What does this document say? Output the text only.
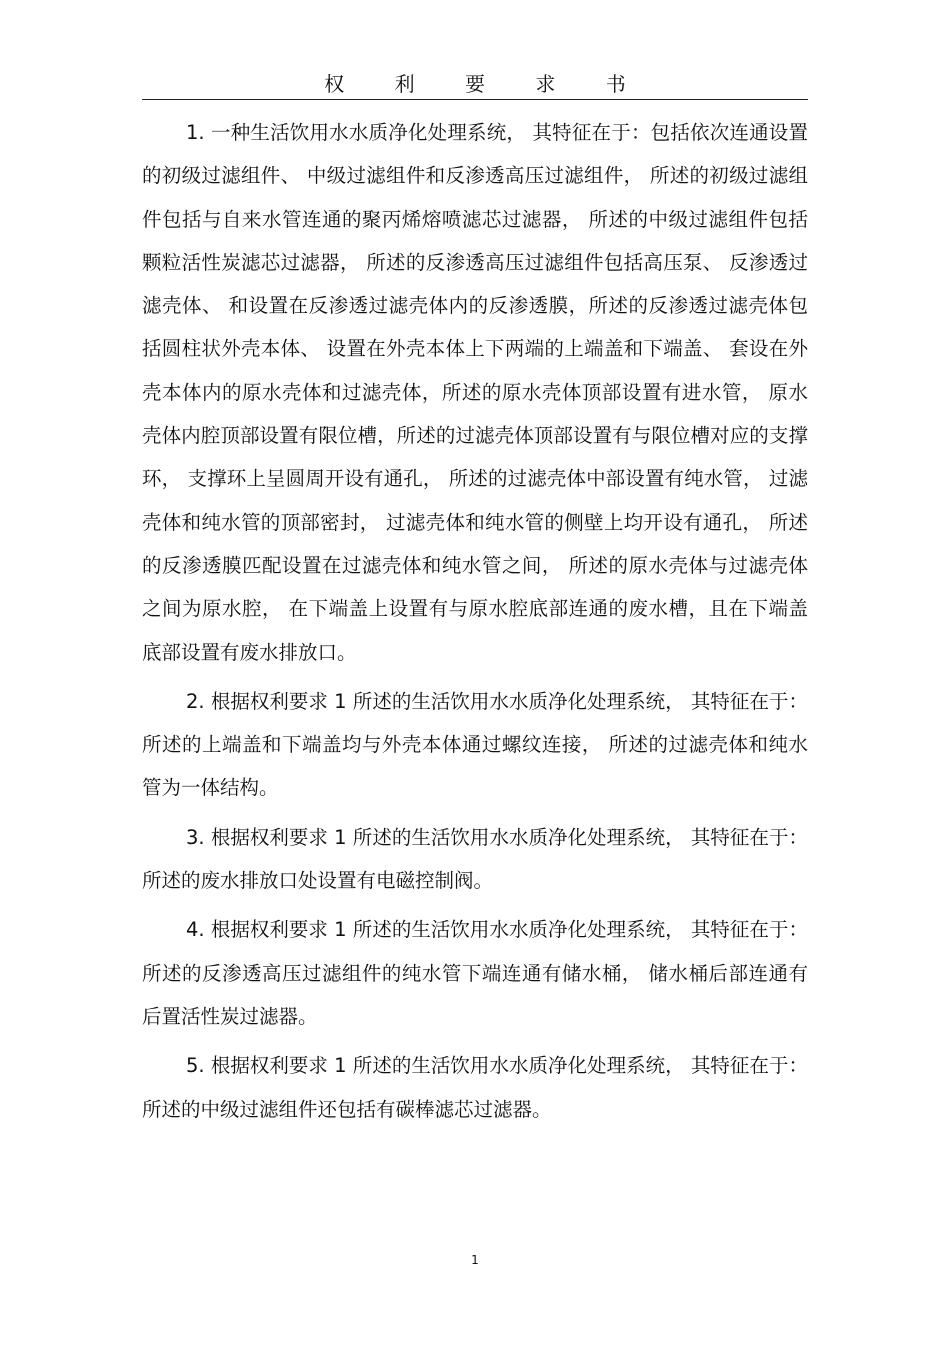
权 利 要 求 书

1. 一种生活饮用水水质净化处理系统， 其特征在于：包括依次连通设置的初级过滤组件、 中级过滤组件和反渗透高压过滤组件， 所述的初级过滤组件包括与自来水管连通的聚丙烯熔喷滤芯过滤器， 所述的中级过滤组件包括颗粒活性炭滤芯过滤器， 所述的反渗透高压过滤组件包括高压泵、 反渗透过滤壳体、 和设置在反渗透过滤壳体内的反渗透膜，所述的反渗透过滤壳体包括圆柱状外壳本体、 设置在外壳本体上下两端的上端盖和下端盖、 套设在外壳本体内的原水壳体和过滤壳体，所述的原水壳体顶部设置有进水管， 原水壳体内腔顶部设置有限位槽，所述的过滤壳体顶部设置有与限位槽对应的支撑环， 支撑环上呈圆周开设有通孔， 所述的过滤壳体中部设置有纯水管， 过滤壳体和纯水管的顶部密封， 过滤壳体和纯水管的侧壁上均开设有通孔， 所述的反渗透膜匹配设置在过滤壳体和纯水管之间， 所述的原水壳体与过滤壳体之间为原水腔， 在下端盖上设置有与原水腔底部连通的废水槽，且在下端盖底部设置有废水排放口。

2. 根据权利要求 1 所述的生活饮用水水质净化处理系统， 其特征在于：所述的上端盖和下端盖均与外壳本体通过螺纹连接， 所述的过滤壳体和纯水管为一体结构。

3. 根据权利要求 1 所述的生活饮用水水质净化处理系统， 其特征在于：所述的废水排放口处设置有电磁控制阀。

4. 根据权利要求 1 所述的生活饮用水水质净化处理系统， 其特征在于：所述的反渗透高压过滤组件的纯水管下端连通有储水桶， 储水桶后部连通有后置活性炭过滤器。

5. 根据权利要求 1 所述的生活饮用水水质净化处理系统， 其特征在于：所述的中级过滤组件还包括有碳棒滤芯过滤器。

1
